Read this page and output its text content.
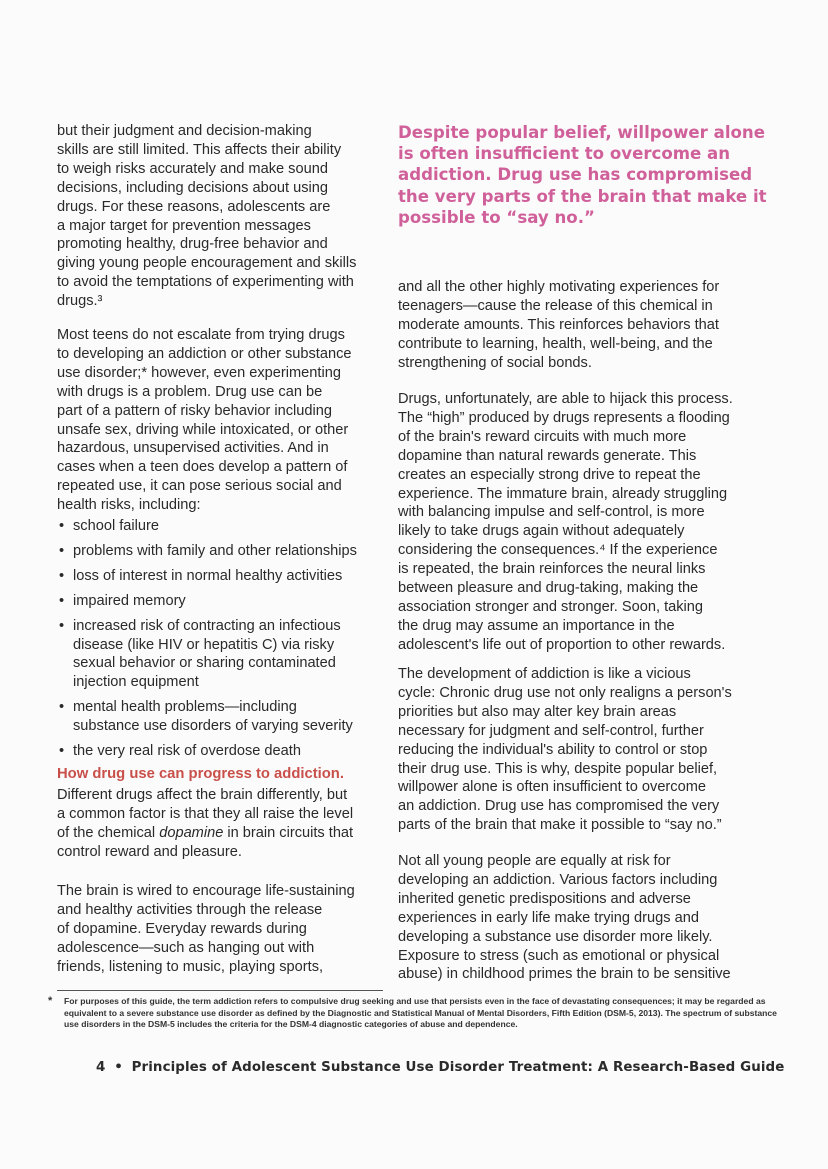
but their judgment and decision-making
skills are still limited. This affects their ability
to weigh risks accurately and make sound
decisions, including decisions about using
drugs. For these reasons, adolescents are
a major target for prevention messages
promoting healthy, drug-free behavior and
giving young people encouragement and skills
to avoid the temptations of experimenting with
drugs.³
Most teens do not escalate from trying drugs
to developing an addiction or other substance
use disorder;* however, even experimenting
with drugs is a problem. Drug use can be
part of a pattern of risky behavior including
unsafe sex, driving while intoxicated, or other
hazardous, unsupervised activities. And in
cases when a teen does develop a pattern of
repeated use, it can pose serious social and
health risks, including:
• school failure
• problems with family and other relationships
• loss of interest in normal healthy activities
• impaired memory
• increased risk of contracting an infectious
disease (like HIV or hepatitis C) via risky
sexual behavior or sharing contaminated
injection equipment
• mental health problems—including
substance use disorders of varying severity
• the very real risk of overdose death
How drug use can progress to addiction.
Different drugs affect the brain differently, but
a common factor is that they all raise the level
of the chemical dopamine in brain circuits that
control reward and pleasure.
The brain is wired to encourage life-sustaining
and healthy activities through the release
of dopamine. Everyday rewards during
adolescence—such as hanging out with
friends, listening to music, playing sports,
Despite popular belief, willpower alone
is often insufficient to overcome an
addiction. Drug use has compromised
the very parts of the brain that make it
possible to “say no.”
and all the other highly motivating experiences for
teenagers—cause the release of this chemical in
moderate amounts. This reinforces behaviors that
contribute to learning, health, well-being, and the
strengthening of social bonds.
Drugs, unfortunately, are able to hijack this process.
The “high” produced by drugs represents a flooding
of the brain's reward circuits with much more
dopamine than natural rewards generate. This
creates an especially strong drive to repeat the
experience. The immature brain, already struggling
with balancing impulse and self-control, is more
likely to take drugs again without adequately
considering the consequences.⁴ If the experience
is repeated, the brain reinforces the neural links
between pleasure and drug-taking, making the
association stronger and stronger. Soon, taking
the drug may assume an importance in the
adolescent's life out of proportion to other rewards.
The development of addiction is like a vicious
cycle: Chronic drug use not only realigns a person's
priorities but also may alter key brain areas
necessary for judgment and self-control, further
reducing the individual's ability to control or stop
their drug use. This is why, despite popular belief,
willpower alone is often insufficient to overcome
an addiction. Drug use has compromised the very
parts of the brain that make it possible to “say no.”
Not all young people are equally at risk for
developing an addiction. Various factors including
inherited genetic predispositions and adverse
experiences in early life make trying drugs and
developing a substance use disorder more likely.
Exposure to stress (such as emotional or physical
abuse) in childhood primes the brain to be sensitive
* For purposes of this guide, the term addiction refers to compulsive drug seeking and use that persists even in the face of devastating consequences; it may be regarded as equivalent to a severe substance use disorder as defined by the Diagnostic and Statistical Manual of Mental Disorders, Fifth Edition (DSM-5, 2013). The spectrum of substance use disorders in the DSM-5 includes the criteria for the DSM-4 diagnostic categories of abuse and dependence.
4 • Principles of Adolescent Substance Use Disorder Treatment: A Research-Based Guide
